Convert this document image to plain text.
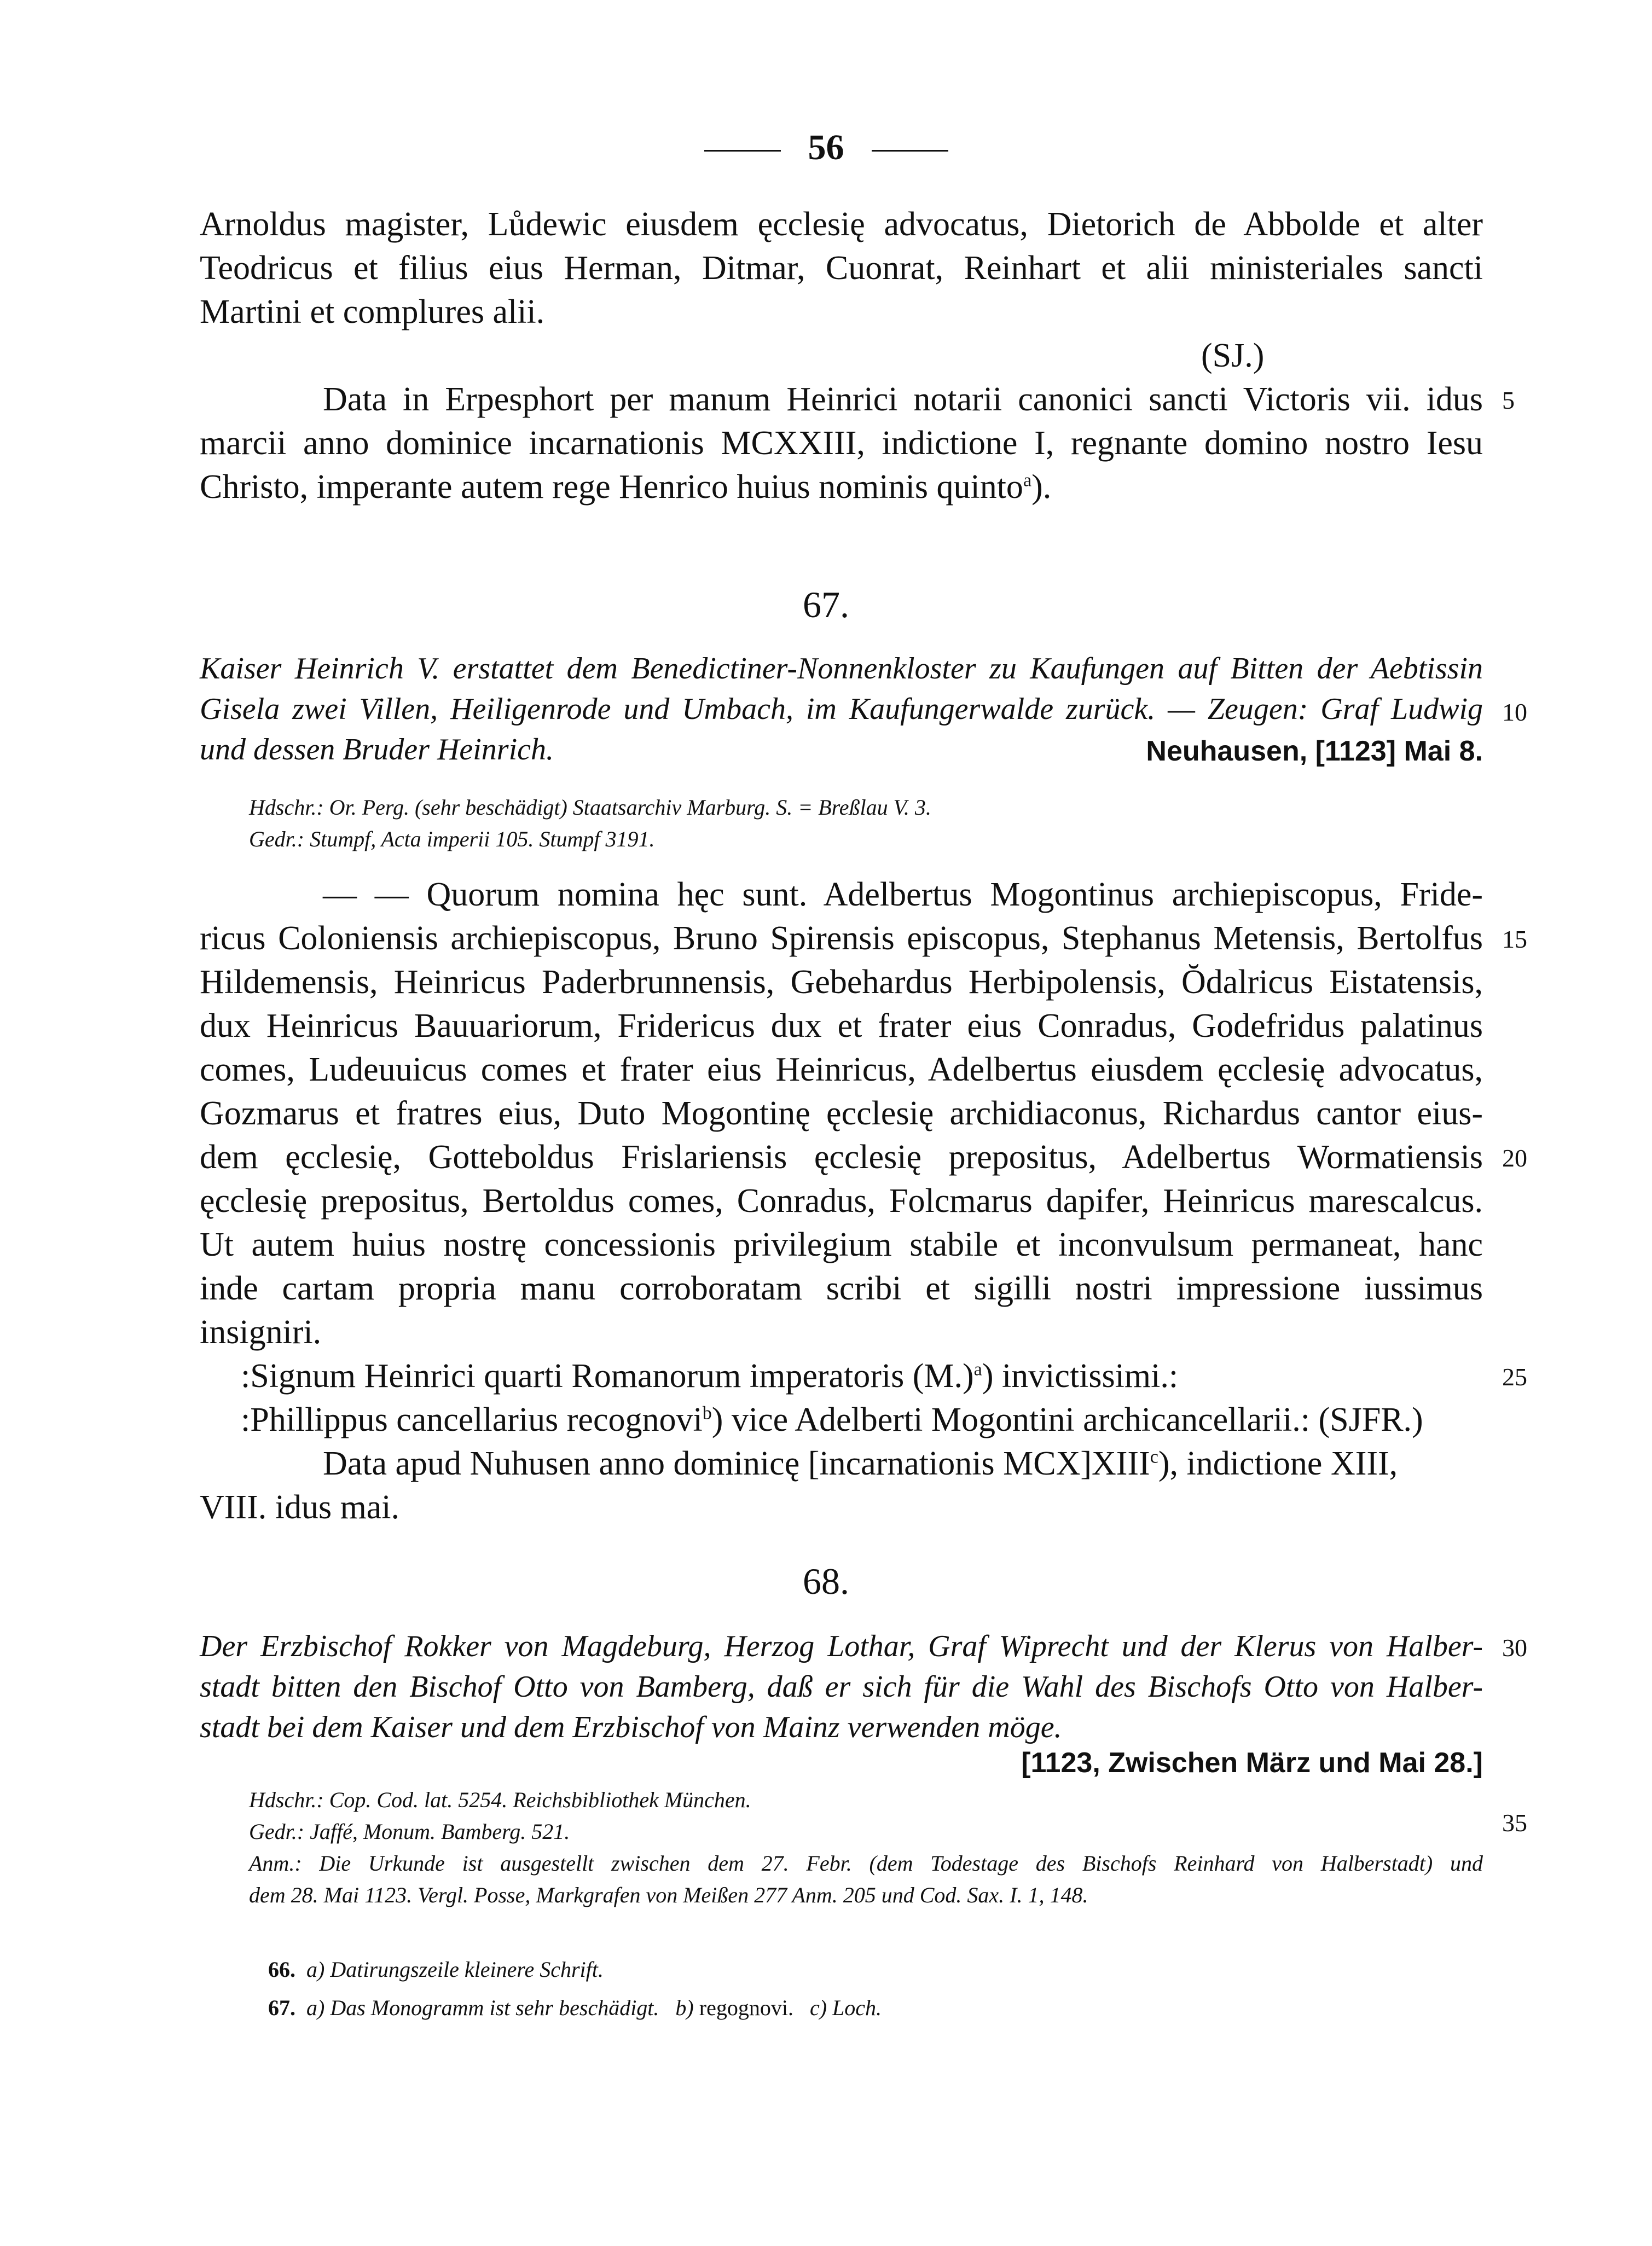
56
Arnoldus magister, Lůdewic eiusdem ęcclesię advocatus, Dietorich de Abbolde et alter
Teodricus et filius eius Herman, Ditmar, Cuonrat, Reinhart et alii ministeriales sancti
Martini et complures alii.
(SJ.)
Data in Erpesphort per manum Heinrici notarii canonici sancti Victoris vii. idus
marcii anno dominice incarnationis MCXXIII, indictione I, regnante domino nostro Iesu
Christo, imperante autem rege Henrico huius nominis quinto$^a$).
67.
Kaiser Heinrich V. erstattet dem Benedictiner-Nonnenkloster zu Kaufungen auf Bitten der Aebtissin
Gisela zwei Villen, Heiligenrode und Umbach, im Kaufungerwalde zurück. — Zeugen: Graf Ludwig
und dessen Bruder Heinrich.	Neuhausen, [1123] Mai 8.
Hdschr.: Or. Perg. (sehr beschädigt) Staatsarchiv Marburg. S. = Breßlau V. 3.
Gedr.: Stumpf, Acta imperii 105. Stumpf 3191.
— — Quorum nomina hęc sunt. Adelbertus Mogontinus archiepiscopus, Fride-
ricus Coloniensis archiepiscopus, Bruno Spirensis episcopus, Stephanus Metensis, Bertolfus
Hildemensis, Heinricus Paderbrunnensis, Gebehardus Herbipolensis, Ŏdalricus Eistatensis,
dux Heinricus Bauuariorum, Fridericus dux et frater eius Conradus, Godefridus palatinus
comes, Ludeuuicus comes et frater eius Heinricus, Adelbertus eiusdem ęcclesię advocatus,
Gozmarus et fratres eius, Duto Mogontinę ęcclesię archidiaconus, Richardus cantor eius-
dem ęcclesię, Gotteboldus Frislariensis ęcclesię prepositus, Adelbertus Wormatiensis
ęcclesię prepositus, Bertoldus comes, Conradus, Folcmarus dapifer, Heinricus marescalcus.
Ut autem huius nostrę concessionis privilegium stabile et inconvulsum permaneat, hanc
inde cartam propria manu corroboratam scribi et sigilli nostri impressione iussimus
insigniri.
:Signum Heinrici quarti Romanorum imperatoris $(M.)^a$) invictissimi.:
:Phillippus cancellarius recognovi$^b$) vice Adelberti Mogontini archicancellarii.: (SJFR.)
Data apud Nuhusen anno dominicę [incarnationis MCX]XIII$^c$), indictione XIII,
VIII. idus mai.
68.
Der Erzbischof Rokker von Magdeburg, Herzog Lothar, Graf Wiprecht und der Klerus von Halber-
stadt bitten den Bischof Otto von Bamberg, daß er sich für die Wahl des Bischofs Otto von Halber-
stadt bei dem Kaiser und dem Erzbischof von Mainz verwenden möge.
[1123, Zwischen März und Mai 28.]
Hdschr.: Cop. Cod. lat. 5254. Reichsbibliothek München.
Gedr.: Jaffé, Monum. Bamberg. 521.
Anm.: Die Urkunde ist ausgestellt zwischen dem 27. Febr. (dem Todestage des Bischofs Reinhard von Halberstadt) und
dem 28. Mai 1123. Vergl. Posse, Markgrafen von Meißen 277 Anm. 205 und Cod. Sax. I. 1, 148.
66. a) Datirungszeile kleinere Schrift.
67. a) Das Monogramm ist sehr beschädigt. b) regognovi. c) Loch.
5
10
15
20
25
30
35
